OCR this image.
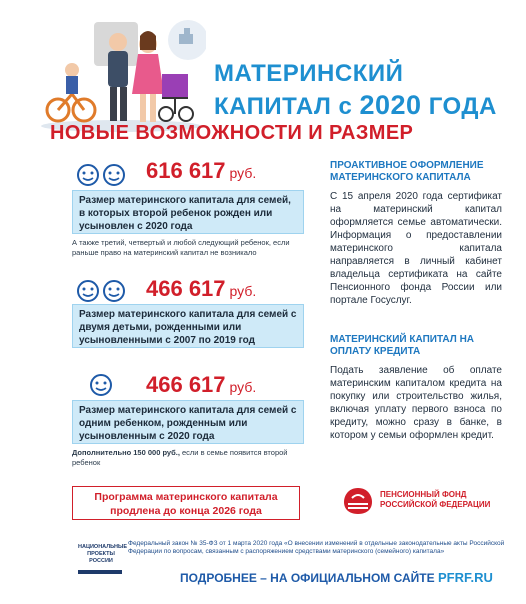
МАТЕРИНСКИЙ
КАПИТАЛ с 2020 ГОДА
НОВЫЕ ВОЗМОЖНОСТИ И РАЗМЕР
616 617 руб.
Размер материнского капитала для семей, в которых второй ребенок рожден или усыновлен с 2020 года
А также третий, четвертый и любой следующий ребенок, если раньше право на материнский капитал не возникало
466 617 руб.
Размер материнского капитала для семей с двумя детьми, рожденными или усыновленными с 2007 по 2019 год
466 617 руб.
Размер материнского капитала для семей с одним ребенком, рожденным или усыновленным с 2020 года
Дополнительно 150 000 руб., если в семье появится второй ребенок
ПРОАКТИВНОЕ ОФОРМЛЕНИЕ МАТЕРИНСКОГО КАПИТАЛА
С 15 апреля 2020 года сертификат на материнский капитал оформляется семье автоматически. Информация о предоставлении материнского капитала направляется в личный кабинет владельца сертификата на сайте Пенсионного фонда России или портале Госуслуг.
МАТЕРИНСКИЙ КАПИТАЛ НА ОПЛАТУ КРЕДИТА
Подать заявление об оплате материнским капиталом кредита на покупку или строительство жилья, включая уплату первого взноса по кредиту, можно сразу в банке, в котором у семьи оформлен кредит.
Программа материнского капитала продлена до конца 2026 года
ПЕНСИОННЫЙ ФОНД РОССИЙСКОЙ ФЕДЕРАЦИИ
НАЦИОНАЛЬНЫЕ ПРОЕКТЫ РОССИИ
Федеральный закон № 35-ФЗ от 1 марта 2020 года «О внесении изменений в отдельные законодательные акты Российской Федерации по вопросам, связанным с распоряжением средствами материнского (семейного) капитала»
ПОДРОБНЕЕ – НА ОФИЦИАЛЬНОМ САЙТЕ PFRF.RU
